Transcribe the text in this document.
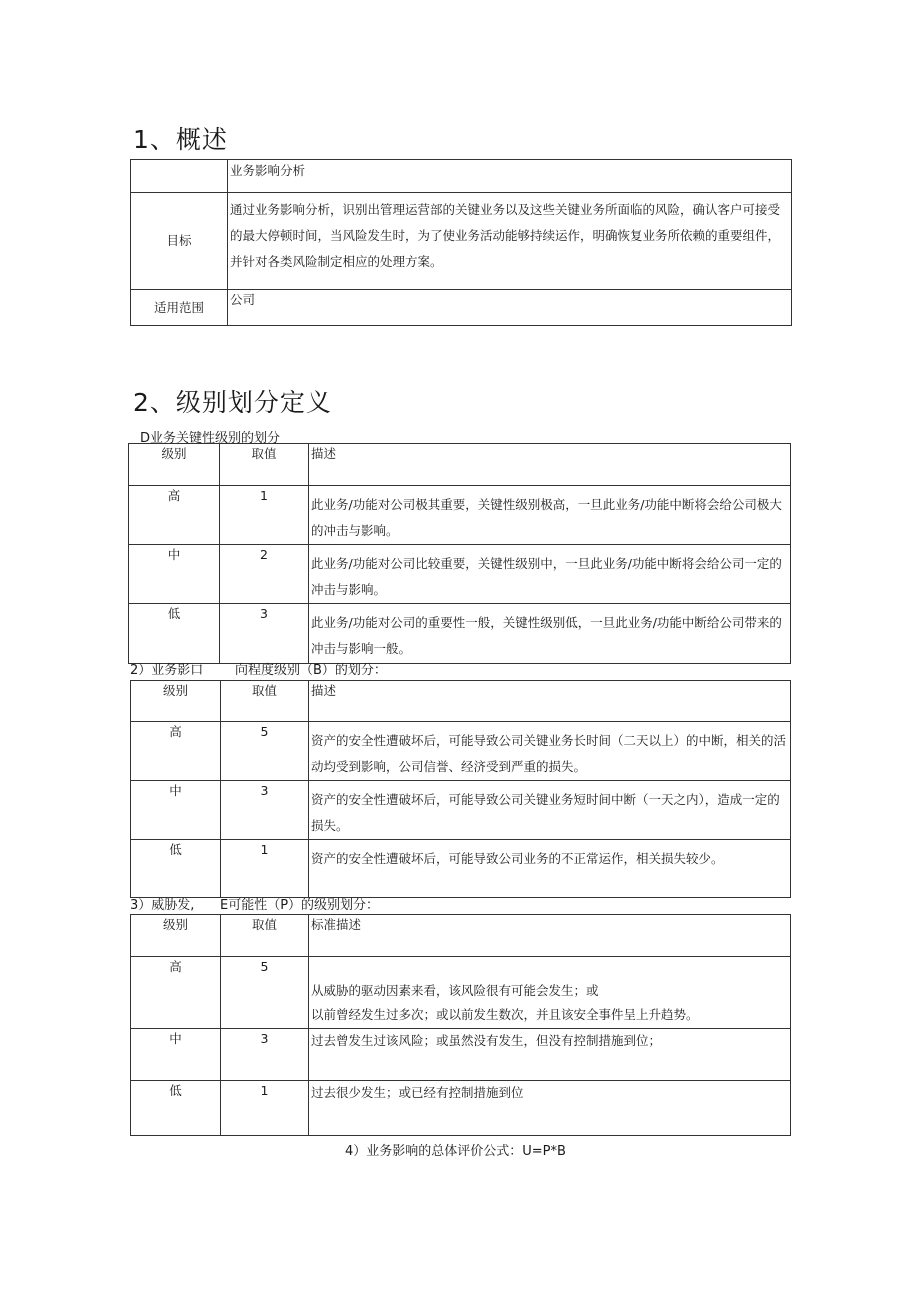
1、概述
	业务影响分析
目标	通过业务影响分析，识别出管理运营部的关键业务以及这些关键业务所面临的风险，确认客户可接受的最大停顿时间，当风险发生时，为了使业务活动能够持续运作，明确恢复业务所依赖的重要组件，并针对各类风险制定相应的处理方案。
适用范围	公司
2、级别划分定义
D业务关键性级别的划分
级别	取值	描述
高	1	此业务/功能对公司极其重要，关键性级别极高，一旦此业务/功能中断将会给公司极大的冲击与影响。
中	2	此业务/功能对公司比较重要，关键性级别中，一旦此业务/功能中断将会给公司一定的冲击与影响。
低	3	此业务/功能对公司的重要性一般，关键性级别低，一旦此业务/功能中断给公司带来的冲击与影响一般。
2）业务影口 向程度级别（B）的划分：
级别	取值	描述
高	5	资产的安全性遭破坏后，可能导致公司关键业务长时间（二天以上）的中断，相关的活动均受到影响，公司信誉、经济受到严重的损失。
中	3	资产的安全性遭破坏后，可能导致公司关键业务短时间中断（一天之内），造成一定的损失。
低	1	资产的安全性遭破坏后，可能导致公司业务的不正常运作，相关损失较少。
3）威胁发, E可能性（P）的级别划分：
级别	取值	标准描述
高	5	从威胁的驱动因素来看，该风险很有可能会发生；或
以前曾经发生过多次；或以前发生数次，并且该安全事件呈上升趋势。

中	3	过去曾发生过该风险；或虽然没有发生，但没有控制措施到位；
低	1	过去很少发生；或已经有控制措施到位
4）业务影响的总体评价公式：U=P*B
